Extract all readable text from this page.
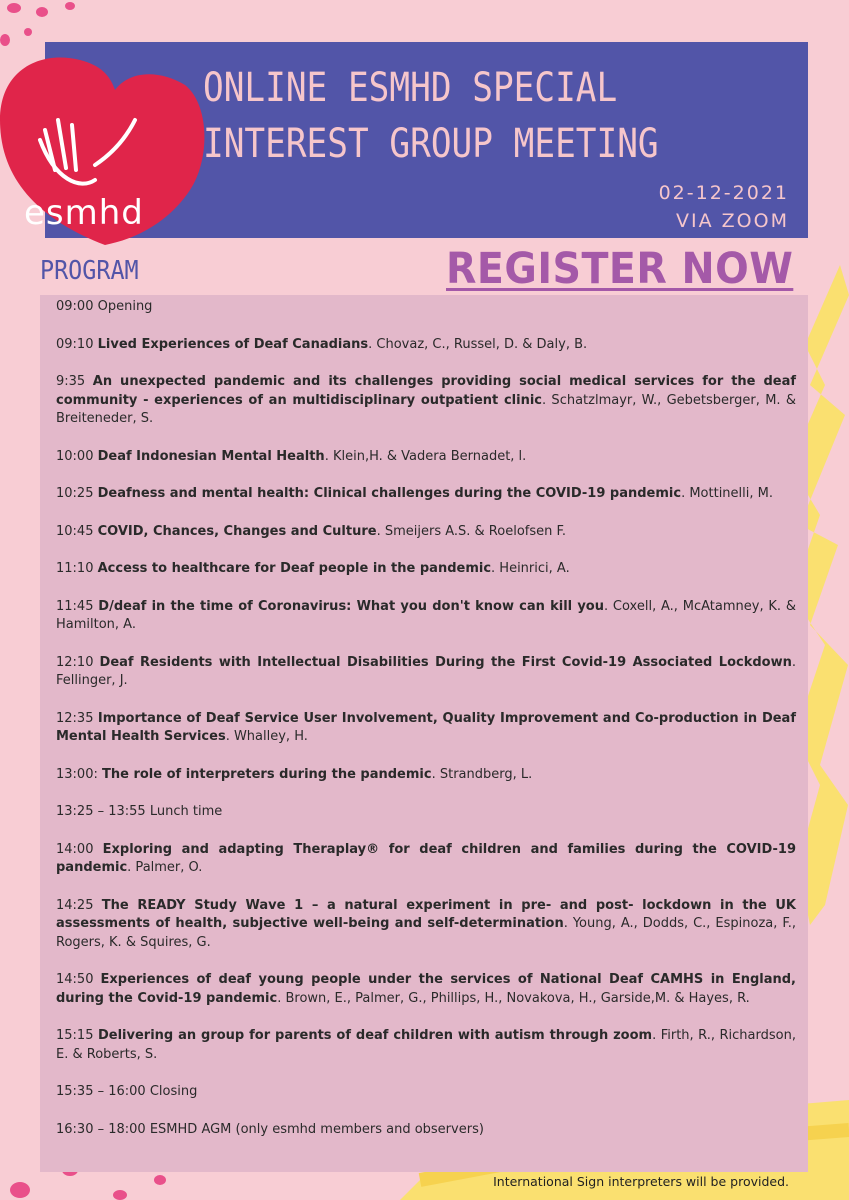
esmhd
ONLINE ESMHD SPECIAL
INTEREST GROUP MEETING
02-12-2021
VIA ZOOM
PROGRAM	REGISTER NOW
09:00 Opening
09:10 Lived Experiences of Deaf Canadians. Chovaz, C., Russel, D. & Daly, B.
9:35 An unexpected pandemic and its challenges providing social medical services for the deaf community - experiences of an multidisciplinary outpatient clinic. Schatzlmayr, W., Gebetsberger, M. & Breiteneder, S.
10:00 Deaf Indonesian Mental Health. Klein,H. & Vadera Bernadet, l.
10:25 Deafness and mental health: Clinical challenges during the COVID-19 pandemic. Mottinelli, M.
10:45 COVID, Chances, Changes and Culture. Smeijers A.S. & Roelofsen F.
11:10 Access to healthcare for Deaf people in the pandemic. Heinrici, A.
11:45 D/deaf in the time of Coronavirus: What you don't know can kill you. Coxell, A., McAtamney, K. & Hamilton, A.
12:10 Deaf Residents with Intellectual Disabilities During the First Covid-19 Associated Lockdown. Fellinger, J.
12:35 Importance of Deaf Service User Involvement, Quality Improvement and Co-production in Deaf Mental Health Services. Whalley, H.
13:00: The role of interpreters during the pandemic. Strandberg, L.
13:25 – 13:55 Lunch time
14:00 Exploring and adapting Theraplay® for deaf children and families during the COVID-19 pandemic. Palmer, O.
14:25 The READY Study Wave 1 – a natural experiment in pre- and post- lockdown in the UK assessments of health, subjective well-being and self-determination. Young, A., Dodds, C., Espinoza, F., Rogers, K. & Squires, G.
14:50 Experiences of deaf young people under the services of National Deaf CAMHS in England, during the Covid-19 pandemic. Brown, E., Palmer, G., Phillips, H., Novakova, H., Garside,M. & Hayes, R.
15:15 Delivering an group for parents of deaf children with autism through zoom. Firth, R., Richardson, E. & Roberts, S.
15:35 – 16:00 Closing
16:30 – 18:00 ESMHD AGM (only esmhd members and observers)
International Sign interpreters will be provided.
